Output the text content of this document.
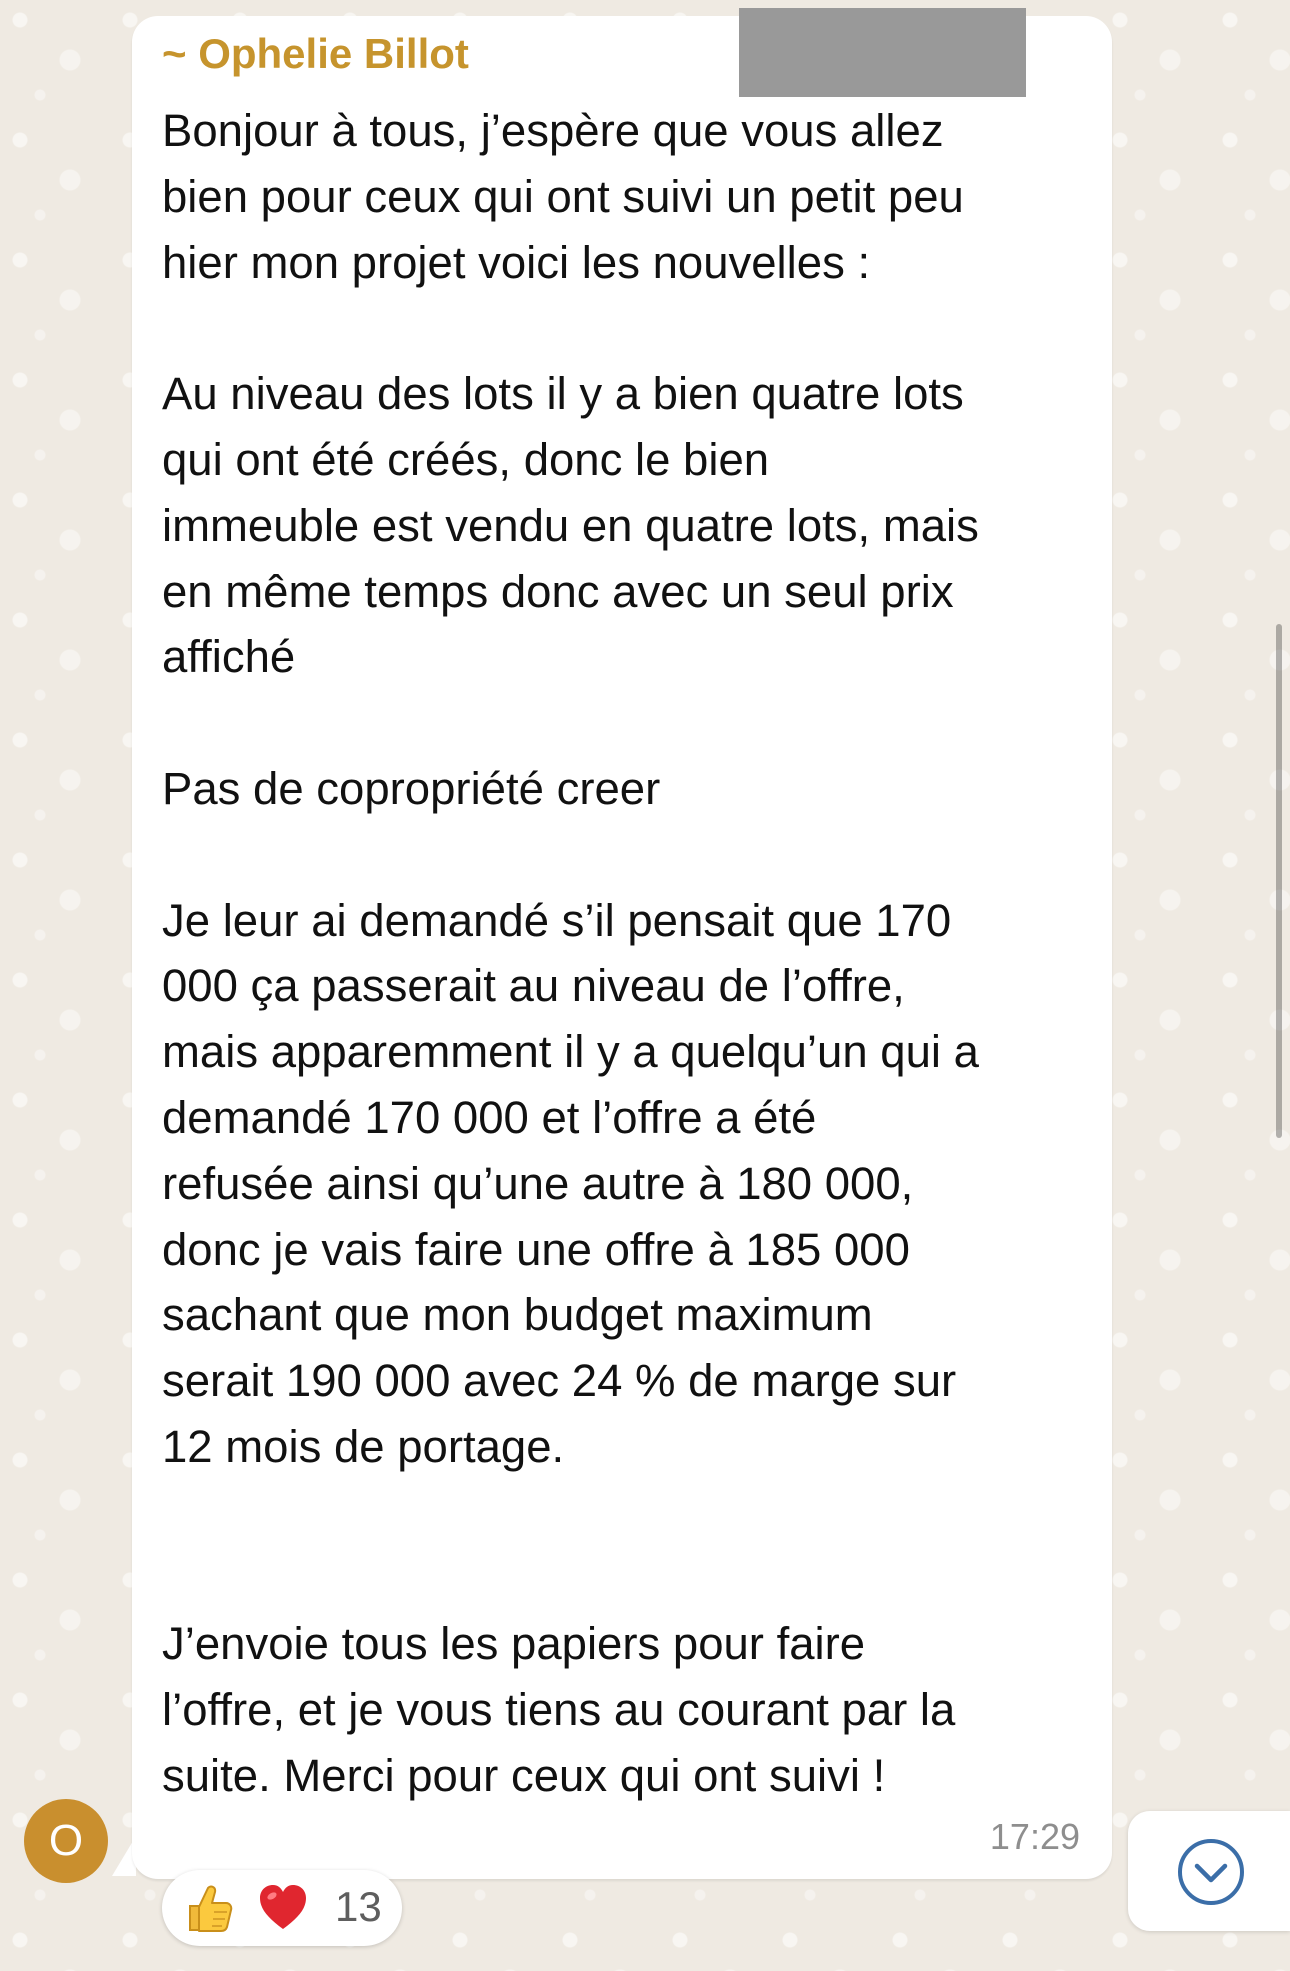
~ Ophelie Billot

Bonjour à tous, j’espère que vous allez
bien pour ceux qui ont suivi un petit peu
hier mon projet voici les nouvelles :

Au niveau des lots il y a bien quatre lots
qui ont été créés, donc le bien
immeuble est vendu en quatre lots, mais
en même temps donc avec un seul prix
affiché

Pas de copropriété creer

Je leur ai demandé s’il pensait que 170
000 ça passerait au niveau de l’offre,
mais apparemment il y a quelqu’un qui a
demandé 170 000 et l’offre a été
refusée ainsi qu’une autre à 180 000,
donc je vais faire une offre à 185 000
sachant que mon budget maximum
serait 190 000 avec 24 % de marge sur
12 mois de portage.

J’envoie tous les papiers pour faire
l’offre, et je vous tiens au courant par la
suite. Merci pour ceux qui ont suivi !

17:29
O
13
